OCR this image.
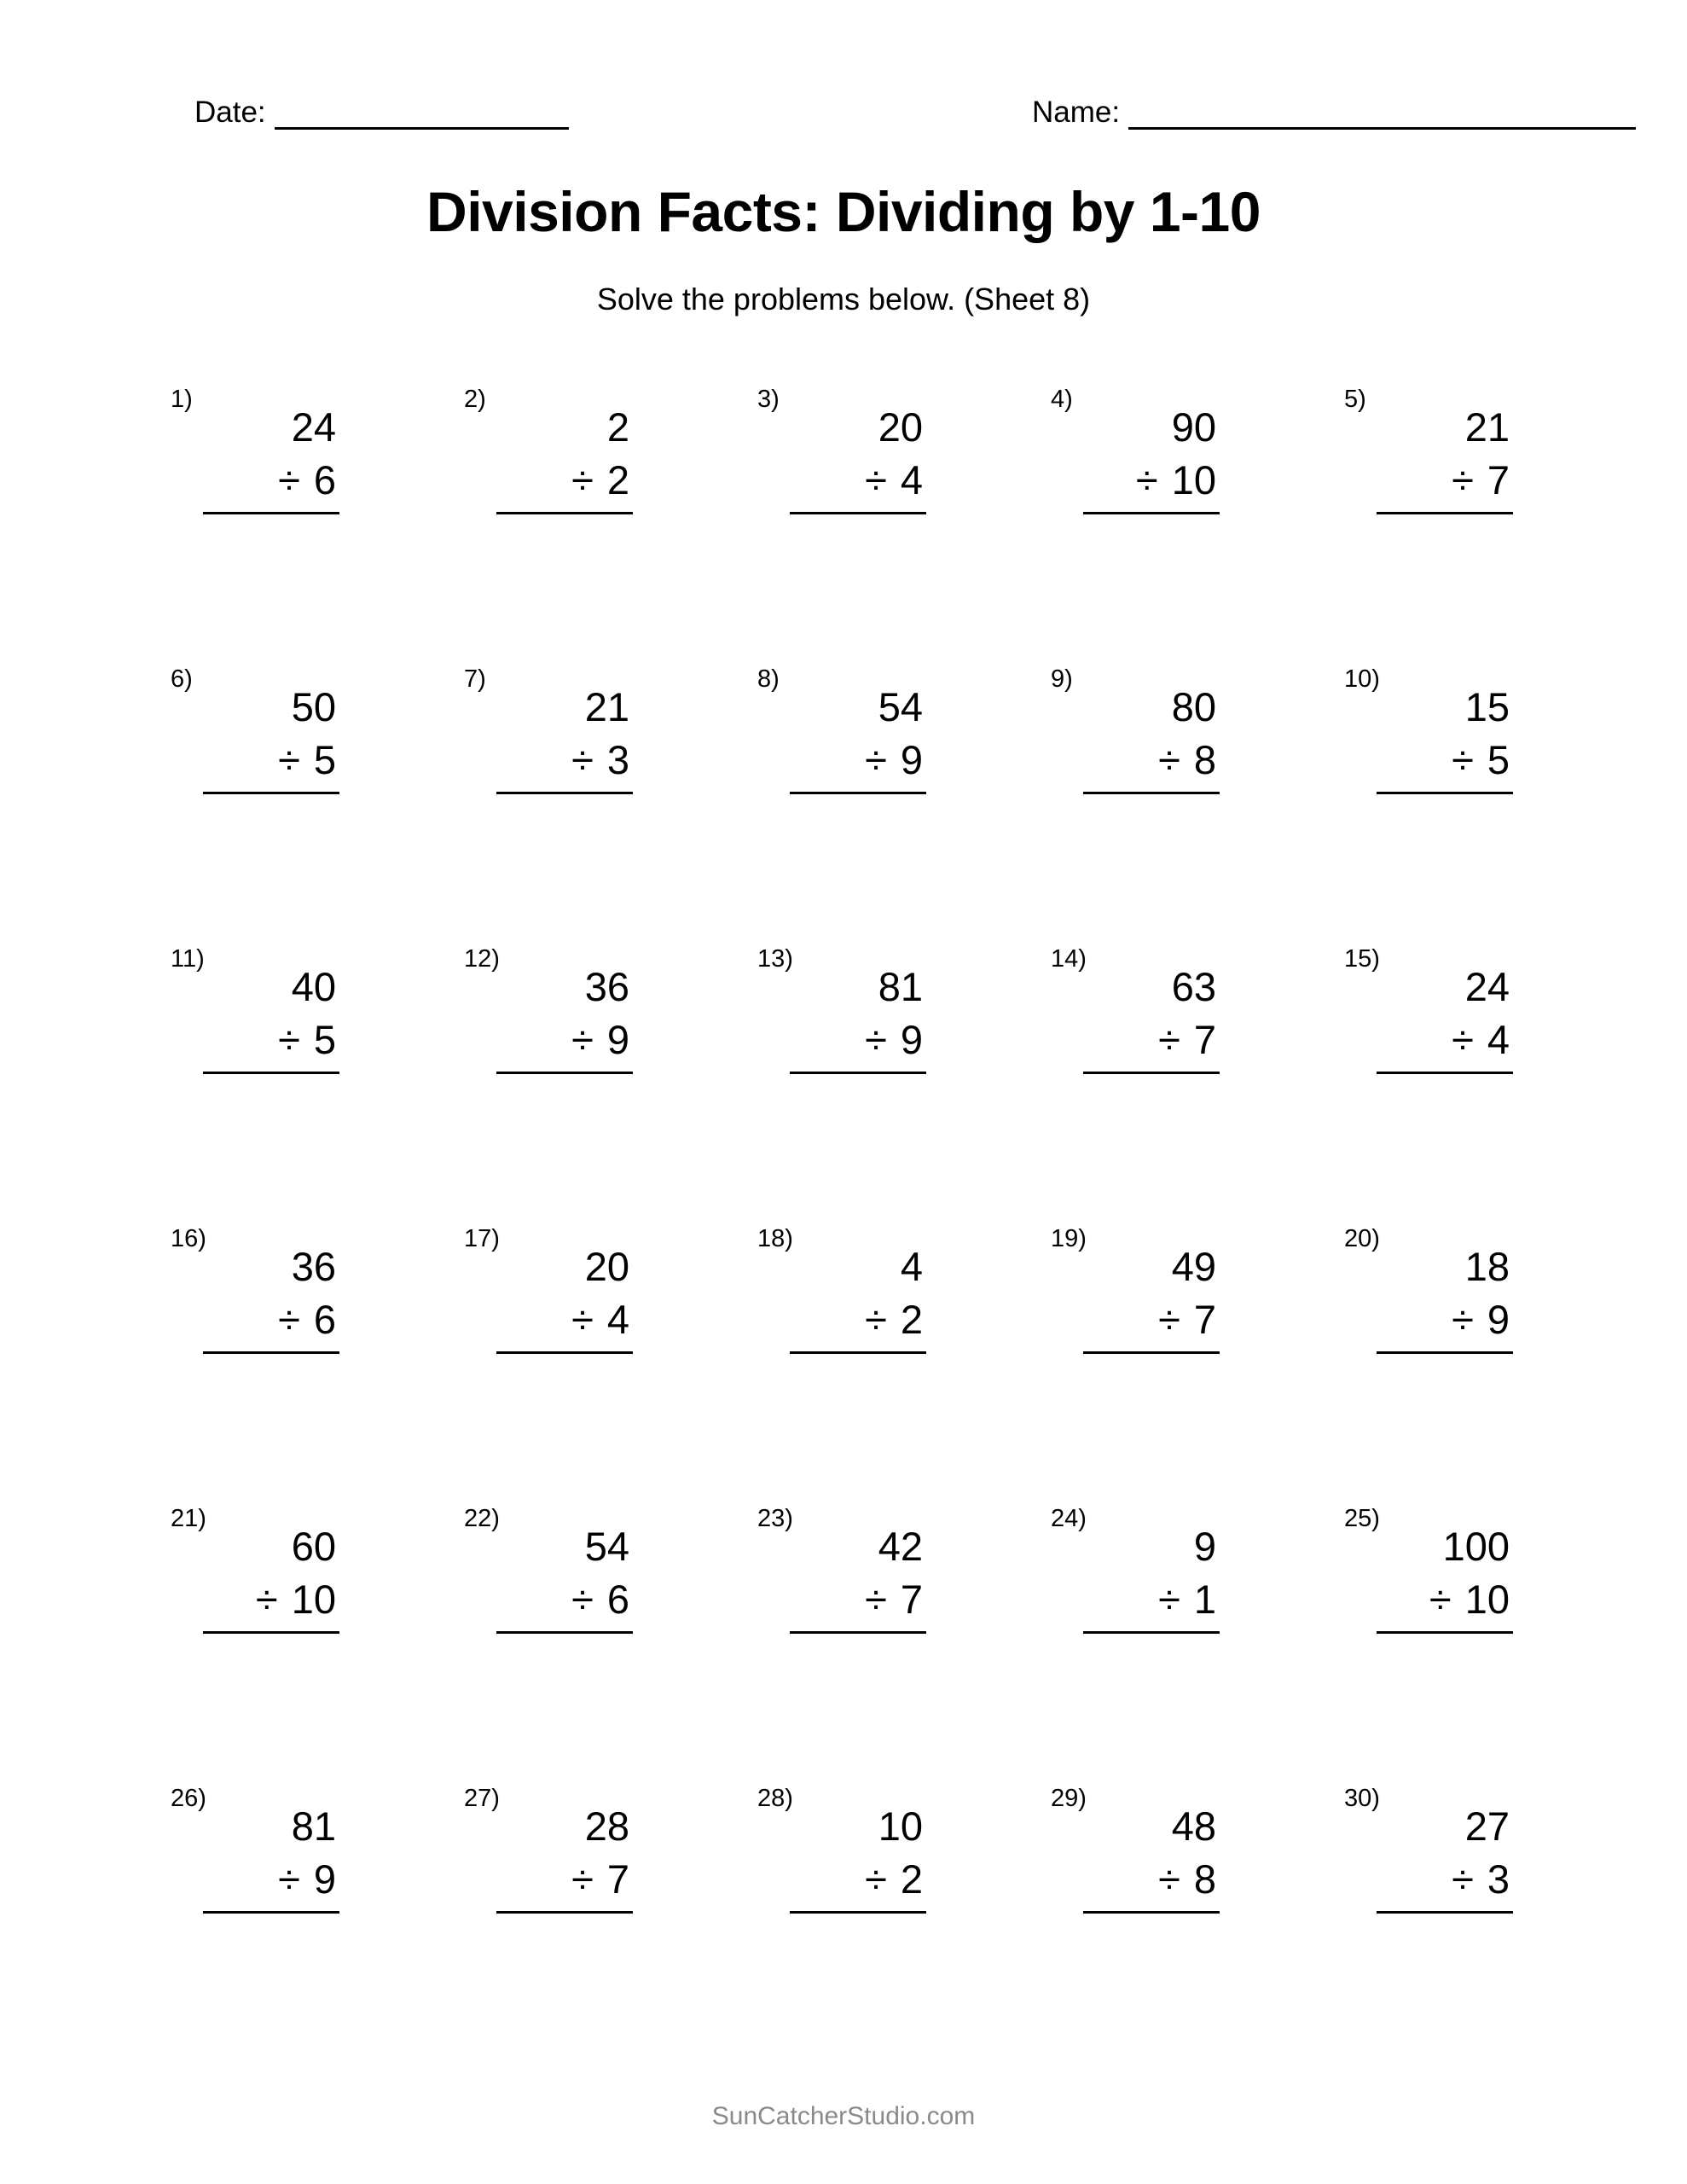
Date:	Name:
Division Facts: Dividing by 1-10
Solve the problems below. (Sheet 8)
1)
24
÷ 6
2)
2
÷ 2
3)
20
÷ 4
4)
90
÷ 10
5)
21
÷ 7
6)
50
÷ 5
7)
21
÷ 3
8)
54
÷ 9
9)
80
÷ 8
10)
15
÷ 5
11)
40
÷ 5
12)
36
÷ 9
13)
81
÷ 9
14)
63
÷ 7
15)
24
÷ 4
16)
36
÷ 6
17)
20
÷ 4
18)
4
÷ 2
19)
49
÷ 7
20)
18
÷ 9
21)
60
÷ 10
22)
54
÷ 6
23)
42
÷ 7
24)
9
÷ 1
25)
100
÷ 10
26)
81
÷ 9
27)
28
÷ 7
28)
10
÷ 2
29)
48
÷ 8
30)
27
÷ 3
SunCatcherStudio.com
